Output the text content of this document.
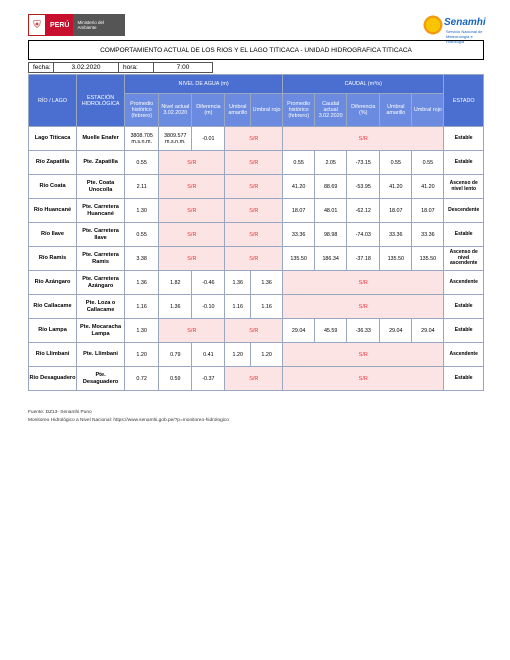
⛨	PERÚ	Ministerio del Ambiente	Senamhi
Servicio Nacional de Meteorología e Hidrología
COMPORTAMIENTO ACTUAL DE LOS RIOS Y EL LAGO TITICACA - UNIDAD HIDROGRAFICA TITICACA
fecha:	3.02.2020	hora:	7:00
RÍO / LAGO	ESTACIÓN HIDROLÓGICA	NIVEL DE AGUA (m)					CAUDAL (m³/s)					ESTADO
		Promedio histórico (febrero)	Nivel actual 3.02.2020	Diferencia (m)	Umbral amarillo	Umbral rojo	Promedio histórico (febrero)	Caudal actual 3.02.2020	Diferencia (%)	Umbral amarillo	Umbral rojo	
Lago Titicaca	Muelle Enafer	3808.705 m.s.n.m.	3809.577 m.s.n.m.	-0.01	S/R		S/R					Estable
Río Zapatilla	Pte. Zapatilla	0.55	S/R		S/R		0.55	2.05	-73.15	0.55	0.55	Estable
Río Coata	Pte. Coata Unocolla	2.11	S/R		S/R		41.20	88.69	-53.95	41.20	41.20	Ascenso de nivel lento
Río Huancané	Pte. Carretera Huancané	1.30	S/R		S/R		18.07	48.01	-62.12	18.07	18.07	Descendente
Río Ilave	Pte. Carretera Ilave	0.55	S/R		S/R		33.36	98.98	-74.03	33.36	33.36	Estable
Río Ramis	Pte. Carretera Ramis	3.38	S/R		S/R		135.50	186.34	-37.18	135.50	135.50	Ascenso de nivel ascendente
Río Azángaro	Pte. Carretera Azángaro	1.36	1.82	-0.46	1.36	1.36	S/R					Ascendente
Río Callacame	Pte. Loza o Callacame	1.16	1.36	-0.10	1.16	1.16	S/R					Estable
Río Lampa	Pte. Mocaracha Lampa	1.30	S/R		S/R		29.04	45.59	-36.33	29.04	29.04	Estable
Río Llimbani	Pte. Llimbani	1.20	0.79	0.41	1.20	1.20	S/R					Ascendente
Río Desaguadero	Pte. Desaguadero	0.72	0.59	-0.37	S/R		S/R					Estable
Fuente: DZ13- Senamhi Puno
Monitoreo Hidrológico a Nivel Nacional: https://www.senamhi.gob.pe/?p=monitoreo-hidrologico
